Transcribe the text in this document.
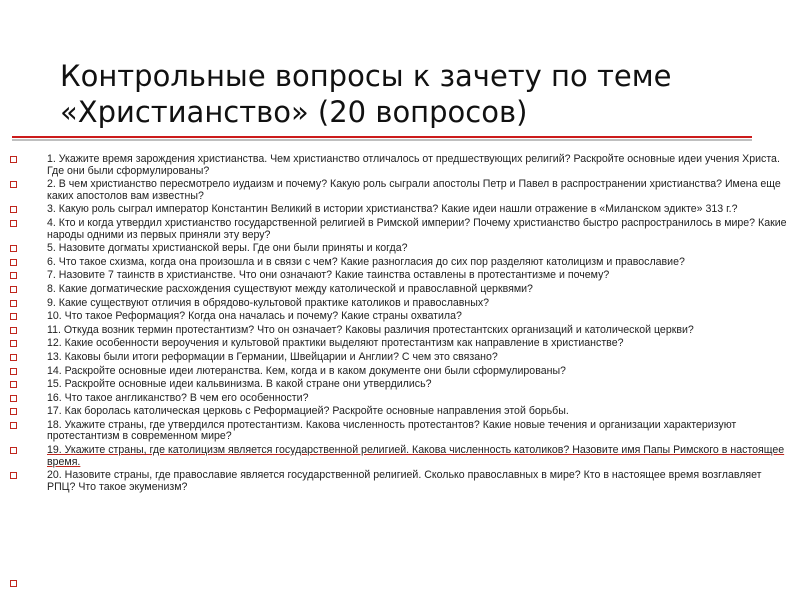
Контрольные вопросы к зачету по теме
«Христианство» (20 вопросов)
1. Укажите время зарождения христианства. Чем христианство отличалось от предшествующих религий? Раскройте основные идеи учения Христа. Где они были сформулированы?
2. В чем христианство пересмотрело иудаизм и почему? Какую роль сыграли апостолы Петр и Павел в распространении христианства? Имена еще каких апостолов вам известны?
3. Какую роль сыграл император Константин Великий в истории христианства? Какие идеи нашли отражение в «Миланском эдикте» 313 г.?
4. Кто и когда утвердил христианство государственной религией в Римской империи? Почему христианство быстро распространилось в мире? Какие народы одними из первых приняли эту веру?
5. Назовите догматы христианской веры. Где они были приняты и когда?
6. Что такое схизма, когда она произошла и в связи с чем? Какие разногласия до сих пор разделяют католицизм и православие?
7. Назовите 7 таинств в христианстве. Что они означают? Какие таинства оставлены в протестантизме и почему?
8. Какие догматические расхождения существуют между католической и православной церквями?
9. Какие существуют отличия в обрядово-культовой практике католиков и православных?
10. Что такое Реформация? Когда она началась и почему? Какие страны охватила?
11. Откуда возник термин протестантизм? Что он означает? Каковы различия протестантских организаций и католической церкви?
12. Какие особенности вероучения и культовой практики выделяют протестантизм как направление в христианстве?
13. Каковы были итоги реформации в Германии, Швейцарии и Англии? С чем это связано?
14. Раскройте основные идеи лютеранства. Кем, когда и в каком документе они были сформулированы?
15. Раскройте основные идеи кальвинизма. В какой стране они утвердились?
16. Что такое англиканство? В чем его особенности?
17. Как боролась католическая церковь с Реформацией? Раскройте основные направления этой борьбы.
18. Укажите страны, где утвердился протестантизм. Какова численность протестантов? Какие новые течения и организации характеризуют протестантизм в современном мире?
19. Укажите страны, где католицизм является государственной религией. Какова численность католиков? Назовите имя Папы Римского в настоящее время.
20. Назовите страны, где православие является государственной религией. Сколько православных в мире? Кто в настоящее время возглавляет РПЦ? Что такое экуменизм?
